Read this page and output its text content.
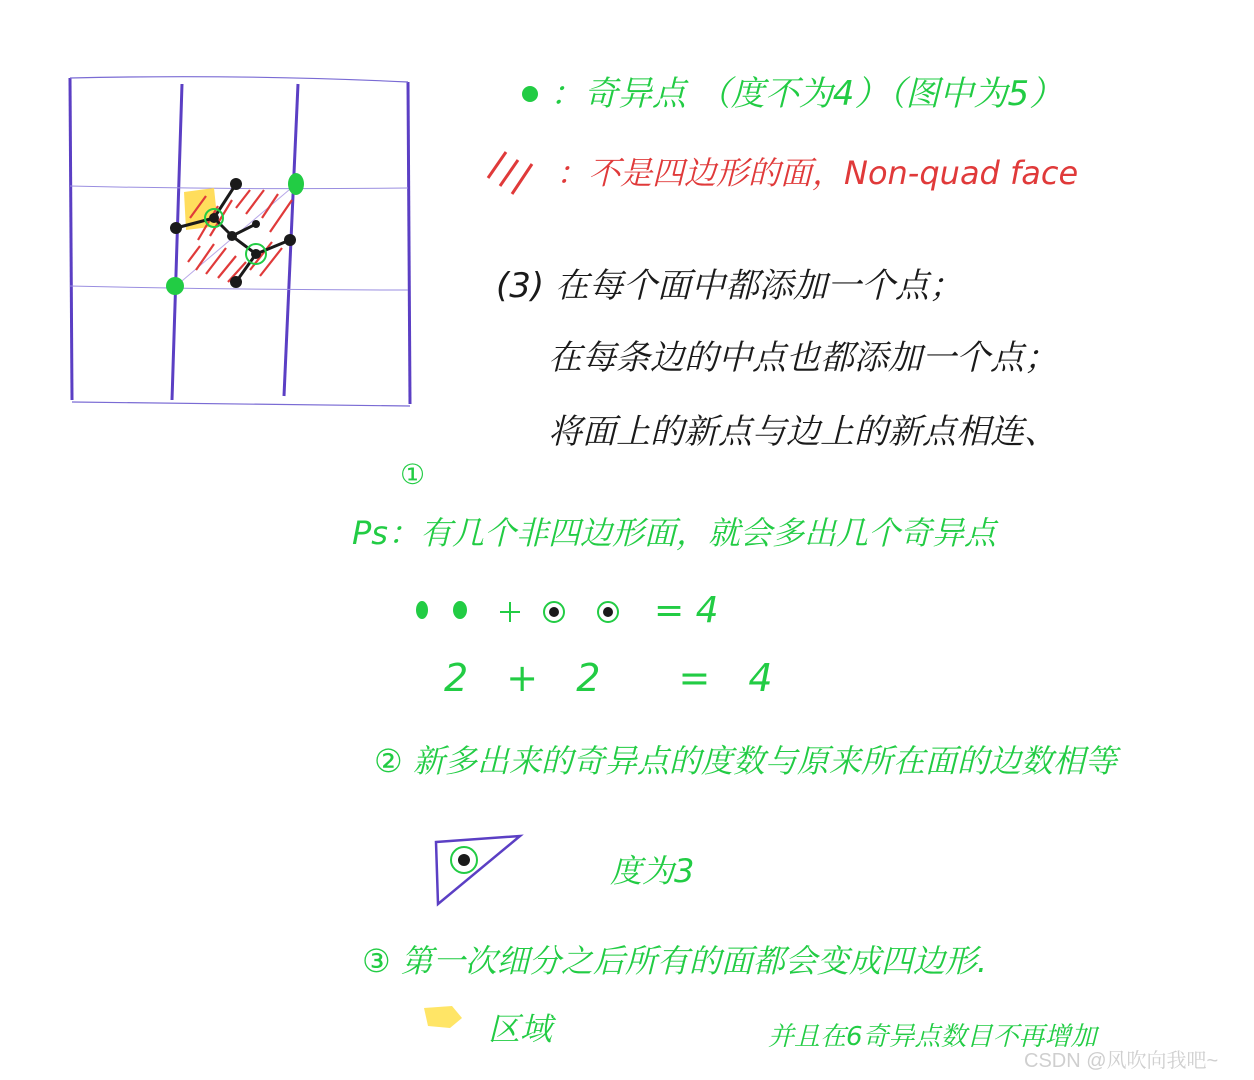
：奇异点 （度不为4）（图中为5）
：不是四边形的面，Non-quad face
(3) 在每个面中都添加一个点；
在每条边的中点也都添加一个点；
将面上的新点与边上的新点相连、
①
Ps：有几个非四边形面，就会多出几个奇异点
= 4
2 + 2 = 4
② 新多出来的奇异点的度数与原来所在面的边数相等
度为3
③ 第一次细分之后所有的面都会变成四边形.
区域	并且在6奇异点数目不再增加
CSDN @风吹向我吧~
